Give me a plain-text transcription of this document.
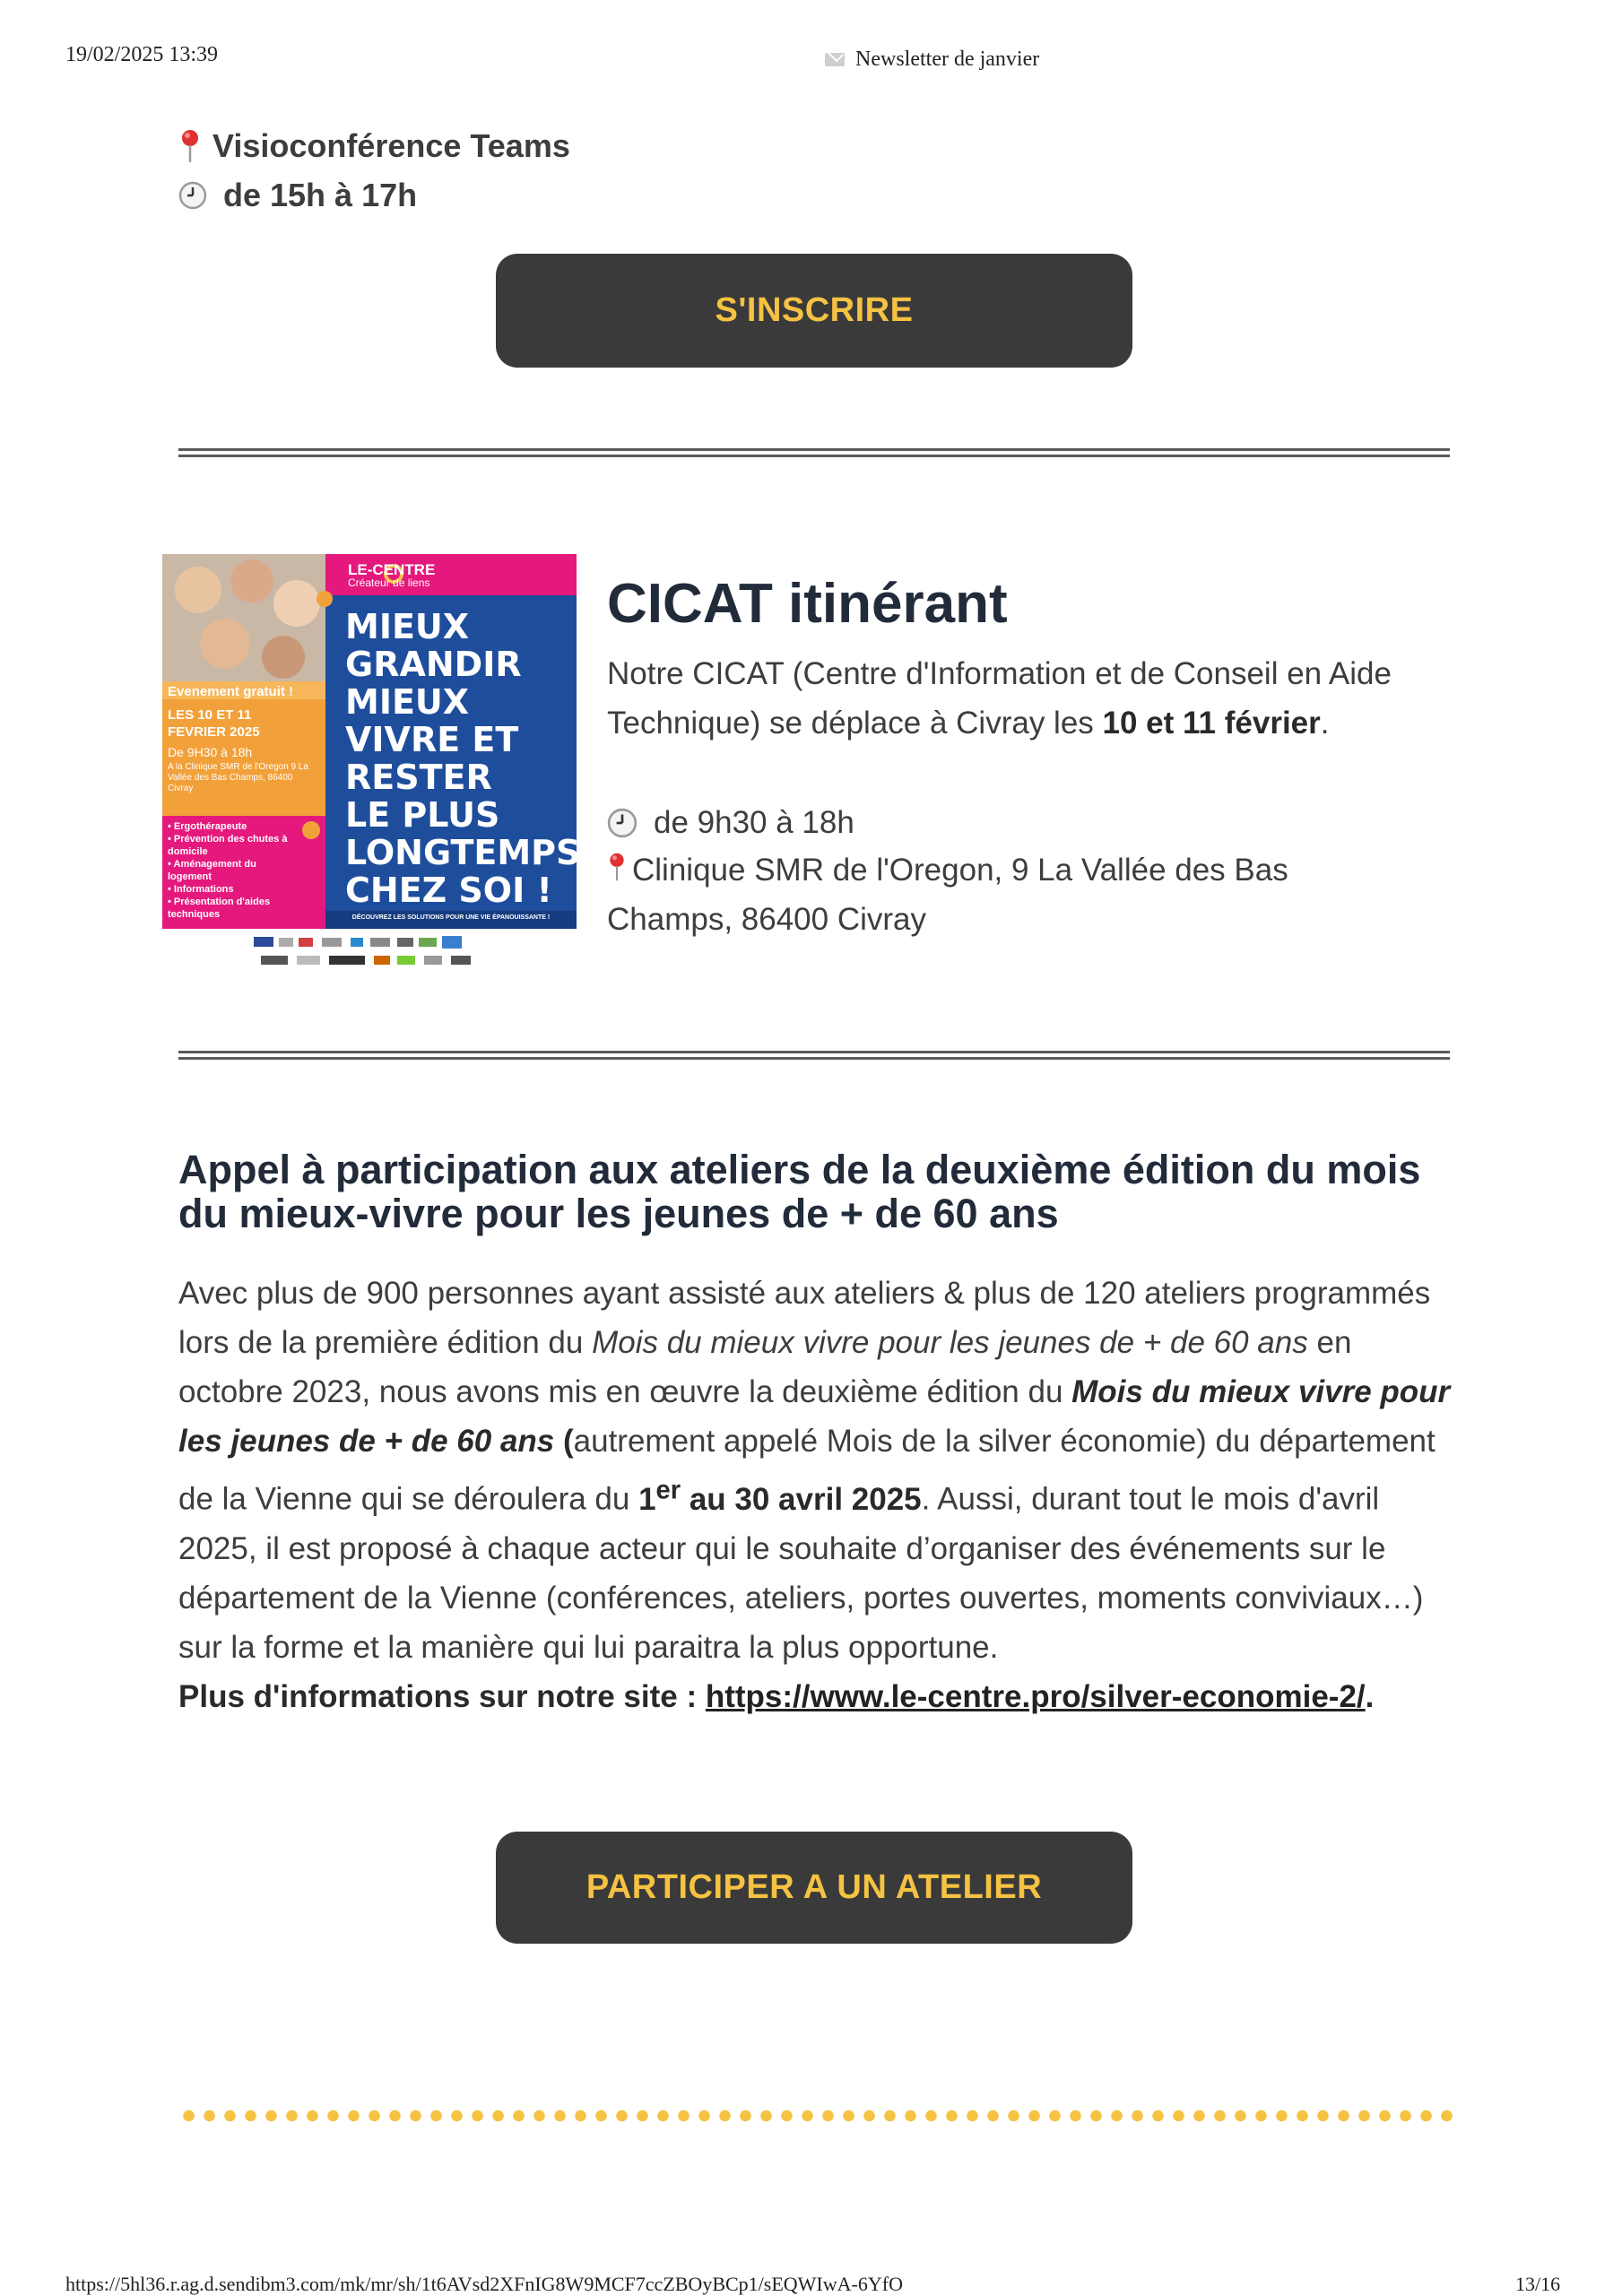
19/02/2025 13:39	Newsletter de janvier
Visioconférence Teams
de 15h à 17h
S'INSCRIRE
LE-CENTRE
Créateur de liens
MIEUX
GRANDIR
MIEUX
VIVRE ET
RESTER
LE PLUS
LONGTEMPS
CHEZ SOI !
Evenement gratuit !
LES 10 ET 11 FEVRIER 2025
De 9H30 à 18h
A la Clinique SMR de l'Oregon 9 La Vallée des Bas Champs, 86400 Civray
• Ergothérapeute
• Prévention des chutes à domicile
• Aménagement du logement
• Informations
• Présentation d'aides techniques	DÉCOUVREZ LES SOLUTIONS POUR UNE VIE ÉPANOUISSANTE !
CICAT itinérant
Notre CICAT (Centre d'Information et de Conseil en Aide Technique) se déplace à Civray les 10 et 11 février.
de 9h30 à 18h
Clinique SMR de l'Oregon, 9 La Vallée des Bas Champs, 86400 Civray
Appel à participation aux ateliers de la deuxième édition du mois du mieux-vivre pour les jeunes de + de 60 ans
Avec plus de 900 personnes ayant assisté aux ateliers & plus de 120 ateliers programmés lors de la première édition du Mois du mieux vivre pour les jeunes de + de 60 ans en octobre 2023, nous avons mis en œuvre la deuxième édition du Mois du mieux vivre pour les jeunes de + de 60 ans (autrement appelé Mois de la silver économie) du département de la Vienne qui se déroulera du 1er au 30 avril 2025. Aussi, durant tout le mois d'avril 2025, il est proposé à chaque acteur qui le souhaite d’organiser des événements sur le département de la Vienne (conférences, ateliers, portes ouvertes, moments conviviaux…) sur la forme et la manière qui lui paraitra la plus opportune.
Plus d'informations sur notre site : https://www.le-centre.pro/silver-economie-2/.
PARTICIPER A UN ATELIER
https://5hl36.r.ag.d.sendibm3.com/mk/mr/sh/1t6AVsd2XFnIG8W9MCF7ccZBOyBCp1/sEQWIwA-6YfO	13/16
